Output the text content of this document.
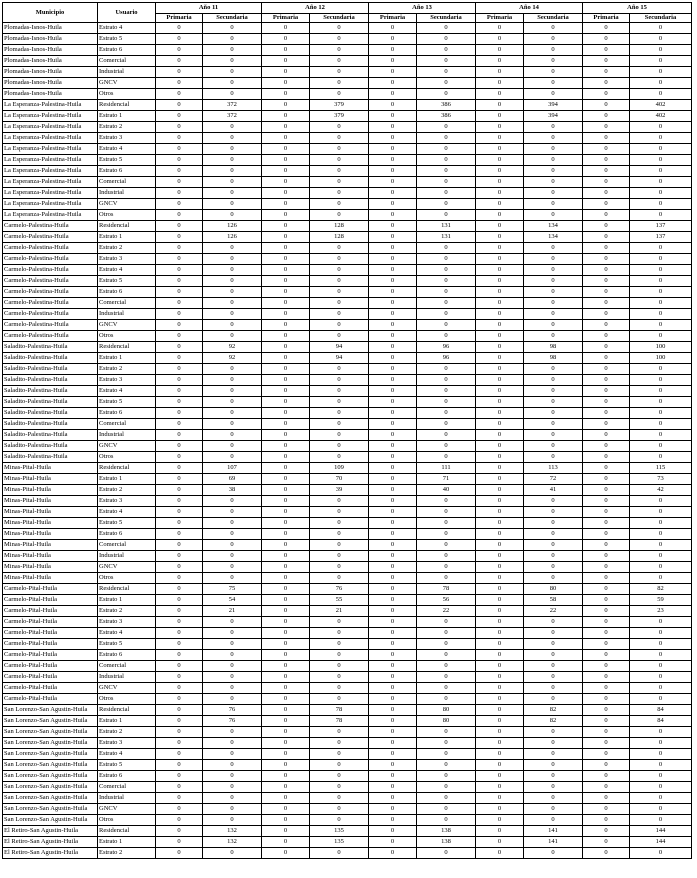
Municipio	Usuario	Año 11		Año 12		Año 13		Año 14		Año 15	
		Primaria	Secundaria	Primaria	Secundaria	Primaria	Secundaria	Primaria	Secundaria	Primaria	Secundaria
Plomadas-Isnos-Huila	Estrato 4	0	0	0	0	0	0	0	0	0	0
Plomadas-Isnos-Huila	Estrato 5	0	0	0	0	0	0	0	0	0	0
Plomadas-Isnos-Huila	Estrato 6	0	0	0	0	0	0	0	0	0	0
Plomadas-Isnos-Huila	Comercial	0	0	0	0	0	0	0	0	0	0
Plomadas-Isnos-Huila	Industrial	0	0	0	0	0	0	0	0	0	0
Plomadas-Isnos-Huila	GNCV	0	0	0	0	0	0	0	0	0	0
Plomadas-Isnos-Huila	Otros	0	0	0	0	0	0	0	0	0	0
La Esperanza-Palestina-Huila	Residencial	0	372	0	379	0	386	0	394	0	402
La Esperanza-Palestina-Huila	Estrato 1	0	372	0	379	0	386	0	394	0	402
La Esperanza-Palestina-Huila	Estrato 2	0	0	0	0	0	0	0	0	0	0
La Esperanza-Palestina-Huila	Estrato 3	0	0	0	0	0	0	0	0	0	0
La Esperanza-Palestina-Huila	Estrato 4	0	0	0	0	0	0	0	0	0	0
La Esperanza-Palestina-Huila	Estrato 5	0	0	0	0	0	0	0	0	0	0
La Esperanza-Palestina-Huila	Estrato 6	0	0	0	0	0	0	0	0	0	0
La Esperanza-Palestina-Huila	Comercial	0	0	0	0	0	0	0	0	0	0
La Esperanza-Palestina-Huila	Industrial	0	0	0	0	0	0	0	0	0	0
La Esperanza-Palestina-Huila	GNCV	0	0	0	0	0	0	0	0	0	0
La Esperanza-Palestina-Huila	Otros	0	0	0	0	0	0	0	0	0	0
Carmelo-Palestina-Huila	Residencial	0	126	0	128	0	131	0	134	0	137
Carmelo-Palestina-Huila	Estrato 1	0	126	0	128	0	131	0	134	0	137
Carmelo-Palestina-Huila	Estrato 2	0	0	0	0	0	0	0	0	0	0
Carmelo-Palestina-Huila	Estrato 3	0	0	0	0	0	0	0	0	0	0
Carmelo-Palestina-Huila	Estrato 4	0	0	0	0	0	0	0	0	0	0
Carmelo-Palestina-Huila	Estrato 5	0	0	0	0	0	0	0	0	0	0
Carmelo-Palestina-Huila	Estrato 6	0	0	0	0	0	0	0	0	0	0
Carmelo-Palestina-Huila	Comercial	0	0	0	0	0	0	0	0	0	0
Carmelo-Palestina-Huila	Industrial	0	0	0	0	0	0	0	0	0	0
Carmelo-Palestina-Huila	GNCV	0	0	0	0	0	0	0	0	0	0
Carmelo-Palestina-Huila	Otros	0	0	0	0	0	0	0	0	0	0
Saladito-Palestina-Huila	Residencial	0	92	0	94	0	96	0	98	0	100
Saladito-Palestina-Huila	Estrato 1	0	92	0	94	0	96	0	98	0	100
Saladito-Palestina-Huila	Estrato 2	0	0	0	0	0	0	0	0	0	0
Saladito-Palestina-Huila	Estrato 3	0	0	0	0	0	0	0	0	0	0
Saladito-Palestina-Huila	Estrato 4	0	0	0	0	0	0	0	0	0	0
Saladito-Palestina-Huila	Estrato 5	0	0	0	0	0	0	0	0	0	0
Saladito-Palestina-Huila	Estrato 6	0	0	0	0	0	0	0	0	0	0
Saladito-Palestina-Huila	Comercial	0	0	0	0	0	0	0	0	0	0
Saladito-Palestina-Huila	Industrial	0	0	0	0	0	0	0	0	0	0
Saladito-Palestina-Huila	GNCV	0	0	0	0	0	0	0	0	0	0
Saladito-Palestina-Huila	Otros	0	0	0	0	0	0	0	0	0	0
Minas-Pital-Huila	Residencial	0	107	0	109	0	111	0	113	0	115
Minas-Pital-Huila	Estrato 1	0	69	0	70	0	71	0	72	0	73
Minas-Pital-Huila	Estrato 2	0	38	0	39	0	40	0	41	0	42
Minas-Pital-Huila	Estrato 3	0	0	0	0	0	0	0	0	0	0
Minas-Pital-Huila	Estrato 4	0	0	0	0	0	0	0	0	0	0
Minas-Pital-Huila	Estrato 5	0	0	0	0	0	0	0	0	0	0
Minas-Pital-Huila	Estrato 6	0	0	0	0	0	0	0	0	0	0
Minas-Pital-Huila	Comercial	0	0	0	0	0	0	0	0	0	0
Minas-Pital-Huila	Industrial	0	0	0	0	0	0	0	0	0	0
Minas-Pital-Huila	GNCV	0	0	0	0	0	0	0	0	0	0
Minas-Pital-Huila	Otros	0	0	0	0	0	0	0	0	0	0
Carmelo-Pital-Huila	Residencial	0	75	0	76	0	78	0	80	0	82
Carmelo-Pital-Huila	Estrato 1	0	54	0	55	0	56	0	58	0	59
Carmelo-Pital-Huila	Estrato 2	0	21	0	21	0	22	0	22	0	23
Carmelo-Pital-Huila	Estrato 3	0	0	0	0	0	0	0	0	0	0
Carmelo-Pital-Huila	Estrato 4	0	0	0	0	0	0	0	0	0	0
Carmelo-Pital-Huila	Estrato 5	0	0	0	0	0	0	0	0	0	0
Carmelo-Pital-Huila	Estrato 6	0	0	0	0	0	0	0	0	0	0
Carmelo-Pital-Huila	Comercial	0	0	0	0	0	0	0	0	0	0
Carmelo-Pital-Huila	Industrial	0	0	0	0	0	0	0	0	0	0
Carmelo-Pital-Huila	GNCV	0	0	0	0	0	0	0	0	0	0
Carmelo-Pital-Huila	Otros	0	0	0	0	0	0	0	0	0	0
San Lorenzo-San Agustin-Huila	Residencial	0	76	0	78	0	80	0	82	0	84
San Lorenzo-San Agustin-Huila	Estrato 1	0	76	0	78	0	80	0	82	0	84
San Lorenzo-San Agustin-Huila	Estrato 2	0	0	0	0	0	0	0	0	0	0
San Lorenzo-San Agustin-Huila	Estrato 3	0	0	0	0	0	0	0	0	0	0
San Lorenzo-San Agustin-Huila	Estrato 4	0	0	0	0	0	0	0	0	0	0
San Lorenzo-San Agustin-Huila	Estrato 5	0	0	0	0	0	0	0	0	0	0
San Lorenzo-San Agustin-Huila	Estrato 6	0	0	0	0	0	0	0	0	0	0
San Lorenzo-San Agustin-Huila	Comercial	0	0	0	0	0	0	0	0	0	0
San Lorenzo-San Agustin-Huila	Industrial	0	0	0	0	0	0	0	0	0	0
San Lorenzo-San Agustin-Huila	GNCV	0	0	0	0	0	0	0	0	0	0
San Lorenzo-San Agustin-Huila	Otros	0	0	0	0	0	0	0	0	0	0
El Retiro-San Agustin-Huila	Residencial	0	132	0	135	0	138	0	141	0	144
El Retiro-San Agustin-Huila	Estrato 1	0	132	0	135	0	138	0	141	0	144
El Retiro-San Agustin-Huila	Estrato 2	0	0	0	0	0	0	0	0	0	0
